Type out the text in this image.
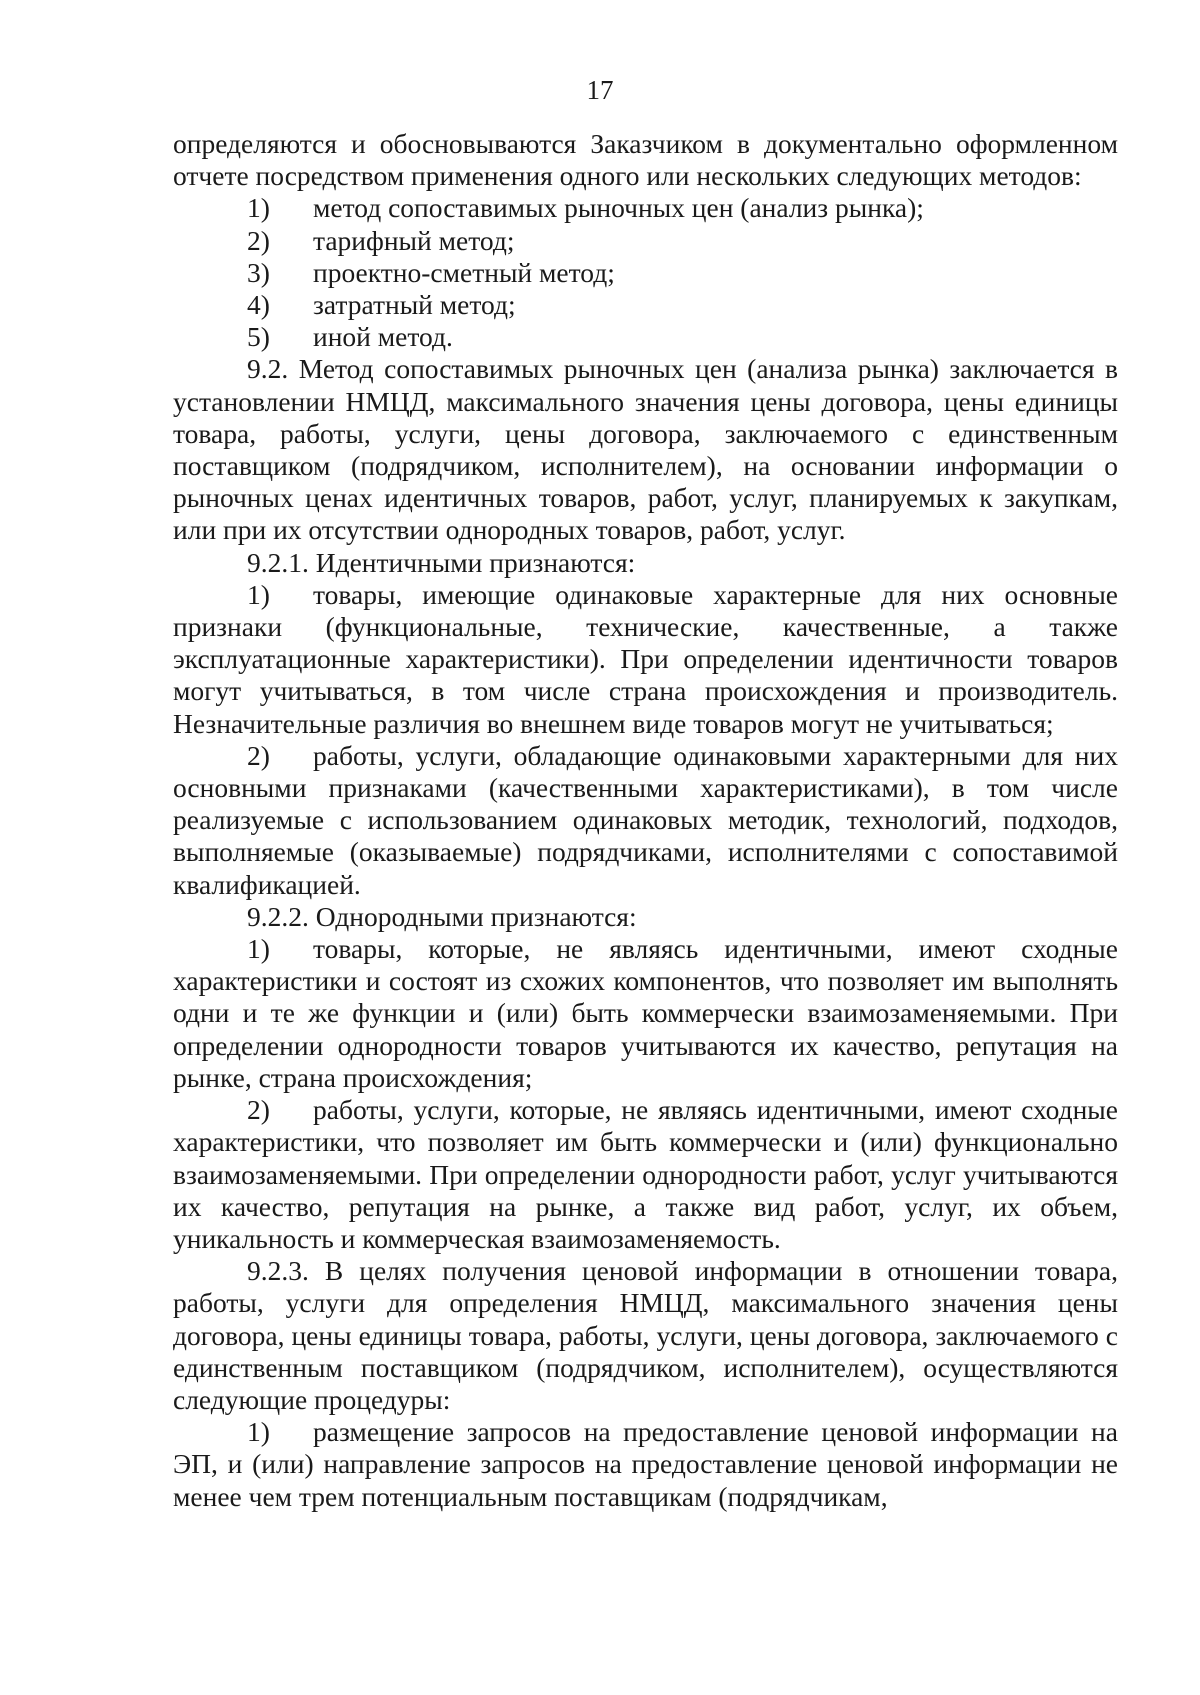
17

определяются и обосновываются Заказчиком в документально оформленном отчете посредством применения одного или нескольких следующих методов:

1)	метод сопоставимых рыночных цен (анализ рынка);
2)	тарифный метод;
3)	проектно-сметный метод;
4)	затратный метод;
5)	иной метод.

9.2. Метод сопоставимых рыночных цен (анализа рынка) заключается в установлении НМЦД, максимального значения цены договора, цены единицы товара, работы, услуги, цены договора, заключаемого с единственным поставщиком (подрядчиком, исполнителем), на основании информации о рыночных ценах идентичных товаров, работ, услуг, планируемых к закупкам, или при их отсутствии однородных товаров, работ, услуг.

9.2.1. Идентичными признаются:

1) товары, имеющие одинаковые характерные для них основные признаки (функциональные, технические, качественные, а также эксплуатационные характеристики). При определении идентичности товаров могут учитываться, в том числе страна происхождения и производитель. Незначительные различия во внешнем виде товаров могут не учитываться;

2) работы, услуги, обладающие одинаковыми характерными для них основными признаками (качественными характеристиками), в том числе реализуемые с использованием одинаковых методик, технологий, подходов, выполняемые (оказываемые) подрядчиками, исполнителями с сопоставимой квалификацией.

9.2.2. Однородными признаются:

1) товары, которые, не являясь идентичными, имеют сходные характеристики и состоят из схожих компонентов, что позволяет им выполнять одни и те же функции и (или) быть коммерчески взаимозаменяемыми. При определении однородности товаров учитываются их качество, репутация на рынке, страна происхождения;

2) работы, услуги, которые, не являясь идентичными, имеют сходные характеристики, что позволяет им быть коммерчески и (или) функционально взаимозаменяемыми. При определении однородности работ, услуг учитываются их качество, репутация на рынке, а также вид работ, услуг, их объем, уникальность и коммерческая взаимозаменяемость.

9.2.3. В целях получения ценовой информации в отношении товара, работы, услуги для определения НМЦД, максимального значения цены договора, цены единицы товара, работы, услуги, цены договора, заключаемого с единственным поставщиком (подрядчиком, исполнителем), осуществляются следующие процедуры:

1) размещение запросов на предоставление ценовой информации на ЭП, и (или) направление запросов на предоставление ценовой информации не менее чем трем потенциальным поставщикам (подрядчикам,
